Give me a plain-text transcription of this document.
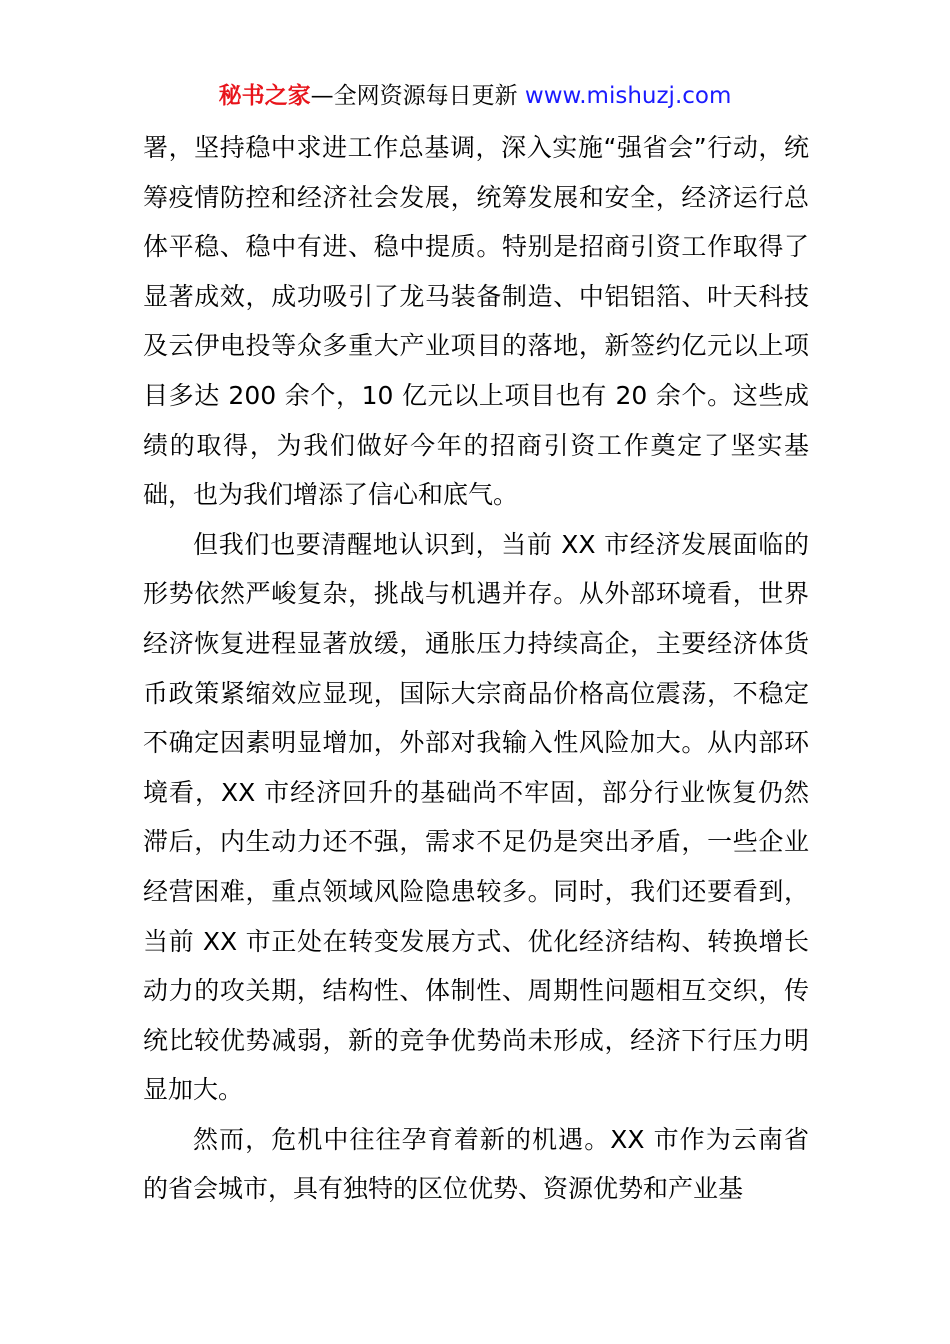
秘书之家—全网资源每日更新 www.mishuzj.com

署，坚持稳中求进工作总基调，深入实施“强省会”行动，统筹疫情防控和经济社会发展，统筹发展和安全，经济运行总体平稳、稳中有进、稳中提质。特别是招商引资工作取得了显著成效，成功吸引了龙马装备制造、中铝铝箔、叶天科技及云伊电投等众多重大产业项目的落地，新签约亿元以上项目多达 200 余个，10 亿元以上项目也有 20 余个。这些成绩的取得，为我们做好今年的招商引资工作奠定了坚实基础，也为我们增添了信心和底气。

但我们也要清醒地认识到，当前 XX 市经济发展面临的形势依然严峻复杂，挑战与机遇并存。从外部环境看，世界经济恢复进程显著放缓，通胀压力持续高企，主要经济体货币政策紧缩效应显现，国际大宗商品价格高位震荡，不稳定不确定因素明显增加，外部对我输入性风险加大。从内部环境看，XX 市经济回升的基础尚不牢固，部分行业恢复仍然滞后，内生动力还不强，需求不足仍是突出矛盾，一些企业经营困难，重点领域风险隐患较多。同时，我们还要看到，当前 XX 市正处在转变发展方式、优化经济结构、转换增长动力的攻关期，结构性、体制性、周期性问题相互交织，传统比较优势减弱，新的竞争优势尚未形成，经济下行压力明显加大。

然而，危机中往往孕育着新的机遇。XX 市作为云南省的省会城市，具有独特的区位优势、资源优势和产业基
